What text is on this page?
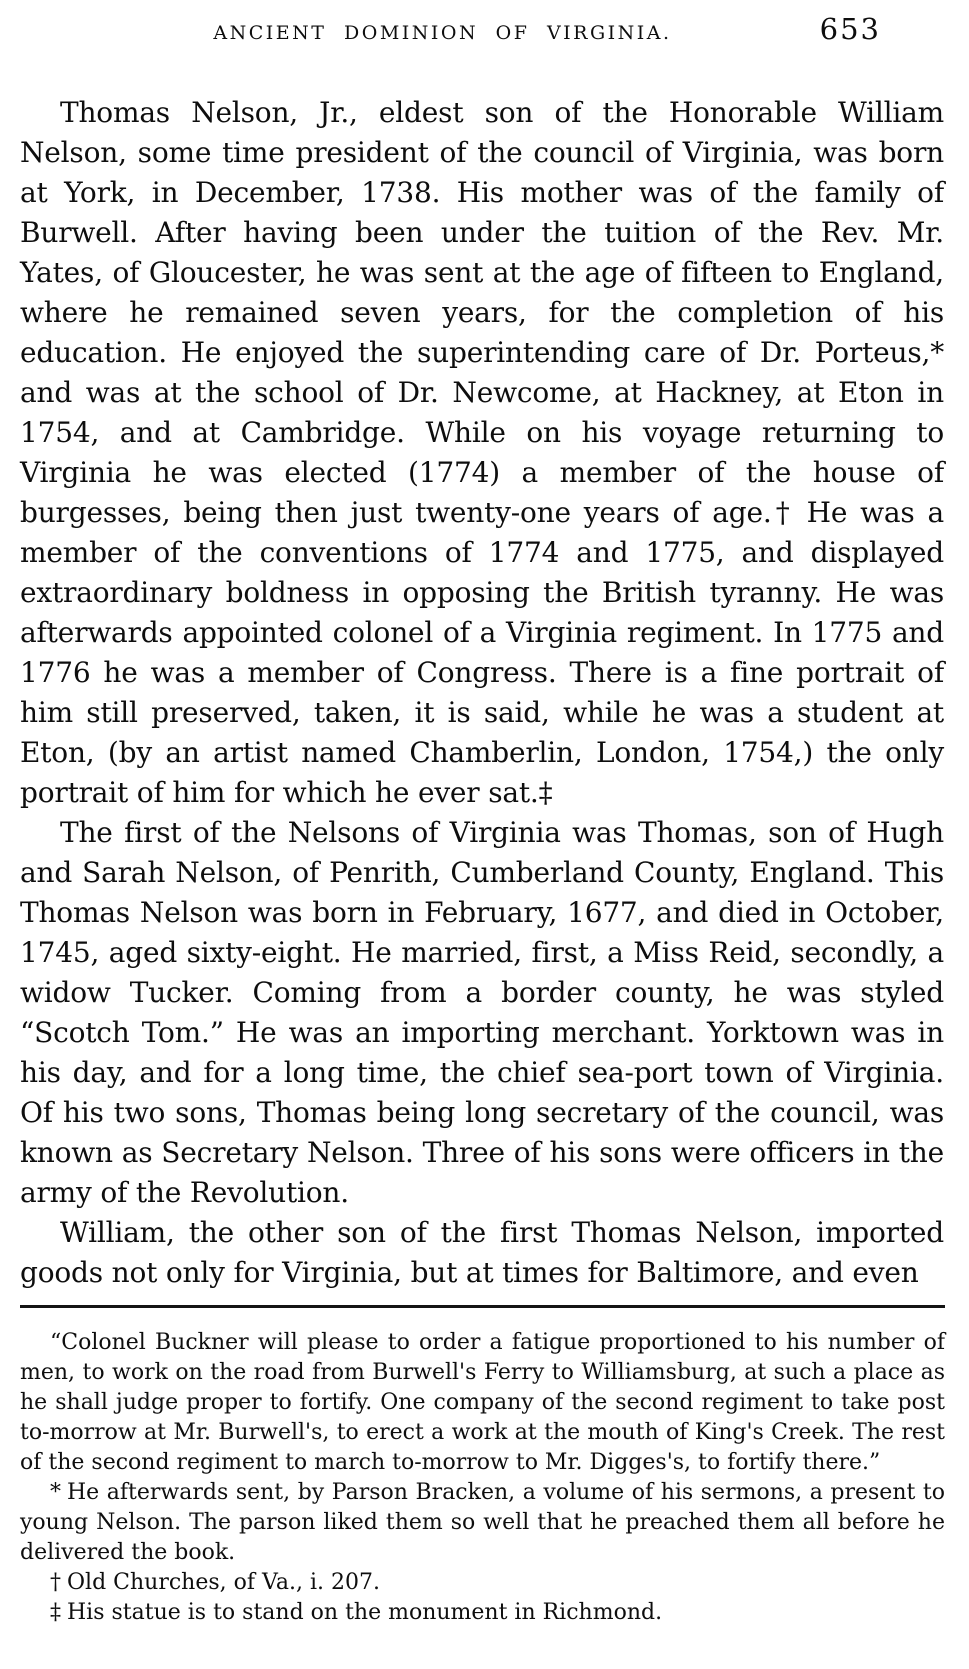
ANCIENT DOMINION OF VIRGINIA.	653

Thomas Nelson, Jr., eldest son of the Honorable William Nelson, some time president of the council of Virginia, was born at York, in December, 1738. His mother was of the family of Burwell. After having been under the tuition of the Rev. Mr. Yates, of Gloucester, he was sent at the age of fifteen to England, where he remained seven years, for the completion of his education. He enjoyed the superintending care of Dr. Porteus,* and was at the school of Dr. Newcome, at Hackney, at Eton in 1754, and at Cambridge. While on his voyage returning to Virginia he was elected (1774) a member of the house of burgesses, being then just twenty-one years of age.† He was a member of the conventions of 1774 and 1775, and displayed extraordinary boldness in opposing the British tyranny. He was afterwards appointed colonel of a Virginia regiment. In 1775 and 1776 he was a member of Congress. There is a fine portrait of him still preserved, taken, it is said, while he was a student at Eton, (by an artist named Chamberlin, London, 1754,) the only portrait of him for which he ever sat.‡

The first of the Nelsons of Virginia was Thomas, son of Hugh and Sarah Nelson, of Penrith, Cumberland County, England. This Thomas Nelson was born in February, 1677, and died in October, 1745, aged sixty-eight. He married, first, a Miss Reid, secondly, a widow Tucker. Coming from a border county, he was styled “Scotch Tom.” He was an importing merchant. Yorktown was in his day, and for a long time, the chief sea-port town of Virginia. Of his two sons, Thomas being long secretary of the council, was known as Secretary Nelson. Three of his sons were officers in the army of the Revolution.

William, the other son of the first Thomas Nelson, imported goods not only for Virginia, but at times for Baltimore, and even

“Colonel Buckner will please to order a fatigue proportioned to his number of men, to work on the road from Burwell's Ferry to Williamsburg, at such a place as he shall judge proper to fortify. One company of the second regiment to take post to-morrow at Mr. Burwell's, to erect a work at the mouth of King's Creek. The rest of the second regiment to march to-morrow to Mr. Digges's, to fortify there.”

* He afterwards sent, by Parson Bracken, a volume of his sermons, a present to young Nelson. The parson liked them so well that he preached them all before he delivered the book.

† Old Churches, of Va., i. 207.

‡ His statue is to stand on the monument in Richmond.
